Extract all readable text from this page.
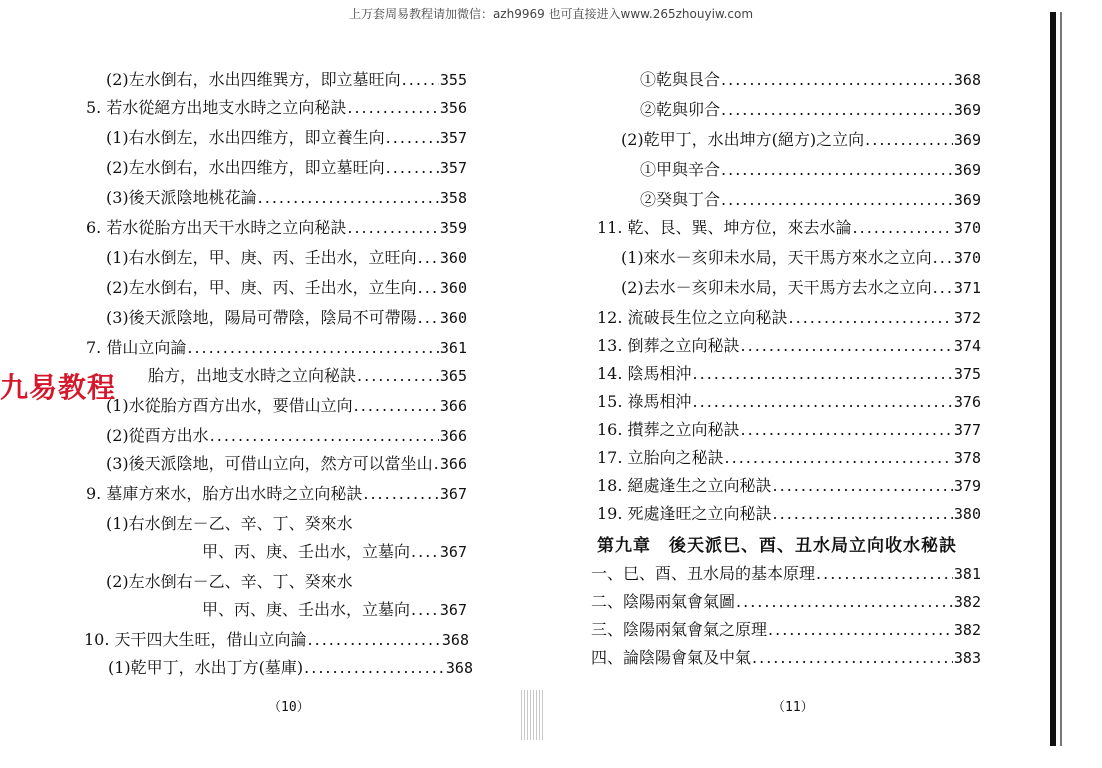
上万套周易教程请加微信：azh9969 也可直接进入www.265zhouyiw.com
(2)左水倒右，水出四维巽方，即立墓旺向 .....	355
5. 若水從絕方出地支水時之立向秘訣 .....	356
(1)右水倒左，水出四维方，即立養生向 .....	357
(2)左水倒右，水出四维方，即立墓旺向 .....	357
(3)後天派陰地桃花論 .....	358
6. 若水從胎方出天干水時之立向秘訣 .....	359
(1)右水倒左，甲、庚、丙、壬出水，立旺向 ..... 360
(2)左水倒右，甲、庚、丙、壬出水，立生向 ..... 360
(3)後天派陰地，陽局可帶陰，陰局不可帶陽 ..... 360
7. 借山立向論 .....	361
胎方，出地支水時之立向秘訣 .....	365
(1)水從胎方酉方出水，要借山立向 .....	366
(2)從酉方出水 .....	366
(3)後天派陰地，可借山立向，然方可以當坐山 ..... 366
9. 墓庫方來水，胎方出水時之立向秘訣 .....	367
(1)右水倒左－乙、辛、丁、癸來水
甲、丙、庚、壬出水，立墓向 ..... 367
(2)左水倒右－乙、辛、丁、癸來水
甲、丙、庚、壬出水，立墓向 ..... 367
10. 天干四大生旺，借山立向論 .....	368
(1)乾甲丁，水出丁方(墓庫) .....	368
①乾與艮合 .....	368
②乾與卯合 .....	369
(2)乾甲丁，水出坤方(絕方)之立向 .....	369
①甲與辛合 .....	369
②癸與丁合 .....	369
11. 乾、艮、巽、坤方位，來去水論 .....	370
(1)來水－亥卯未水局，天干馬方來水之立向 ..... 370
(2)去水－亥卯未水局，天干馬方去水之立向 ..... 371
12. 流破長生位之立向秘訣 .....	372
13. 倒葬之立向秘訣 .....	374
14. 陰馬相沖 .....	375
15. 祿馬相沖 .....	376
16. 攅葬之立向秘訣 .....	377
17. 立胎向之秘訣 .....	378
18. 絕處逢生之立向秘訣 .....	379
19. 死處逢旺之立向秘訣 .....	380
第九章　後天派巳、酉、丑水局立向收水秘訣
一、巳、酉、丑水局的基本原理 .....	381
二、陰陽兩氣會氣圖 .....	382
三、陰陽兩氣會氣之原理 .....	382
四、論陰陽會氣及中氣 .....	383
（10）	（11）
九易教程
